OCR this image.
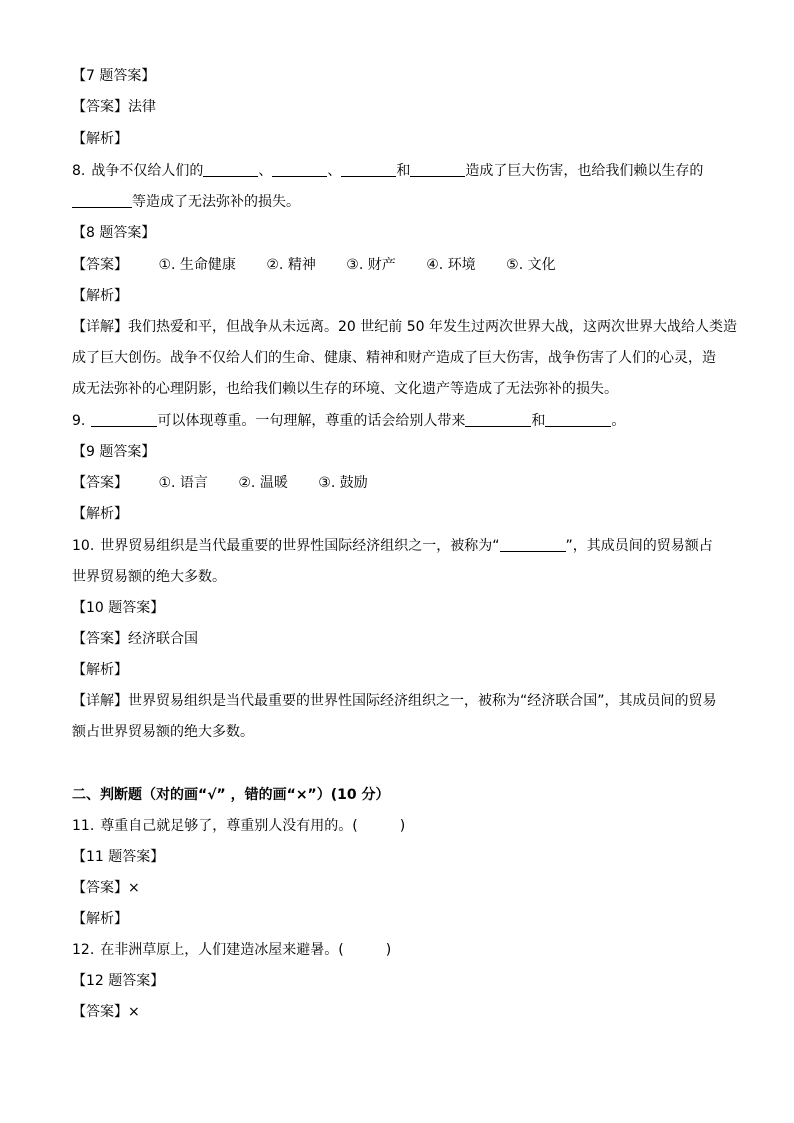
【7 题答案】
【答案】法律
【解析】
8. 战争不仅给人们的	、	、	和	造成了巨大伤害，也给我们赖以生存的
等造成了无法弥补的损失。
【8 题答案】
【答案】 ①. 生命健康 ②. 精神 ③. 财产 ④. 环境 ⑤. 文化
【解析】
【详解】我们热爱和平，但战争从未远离。20 世纪前 50 年发生过两次世界大战，这两次世界大战给人类造
成了巨大创伤。战争不仅给人们的生命、健康、精神和财产造成了巨大伤害，战争伤害了人们的心灵，造
成无法弥补的心理阴影，也给我们赖以生存的环境、文化遗产等造成了无法弥补的损失。
9.	可以体现尊重。一句理解，尊重的话会给别人带来	和	。
【9 题答案】
【答案】 ①. 语言 ②. 温暖 ③. 鼓励
【解析】
10. 世界贸易组织是当代最重要的世界性国际经济组织之一，被称为“	”，其成员间的贸易额占
世界贸易额的绝大多数。
【10 题答案】
【答案】经济联合国
【解析】
【详解】世界贸易组织是当代最重要的世界性国际经济组织之一，被称为“经济联合国”，其成员间的贸易
额占世界贸易额的绝大多数。
二、判断题（对的画“√” ，错的画“×”）(10 分）
11. 尊重自己就足够了，尊重别人没有用的。(　　　)
【11 题答案】
【答案】×
【解析】
12. 在非洲草原上，人们建造冰屋来避暑。(　　　)
【12 题答案】
【答案】×
